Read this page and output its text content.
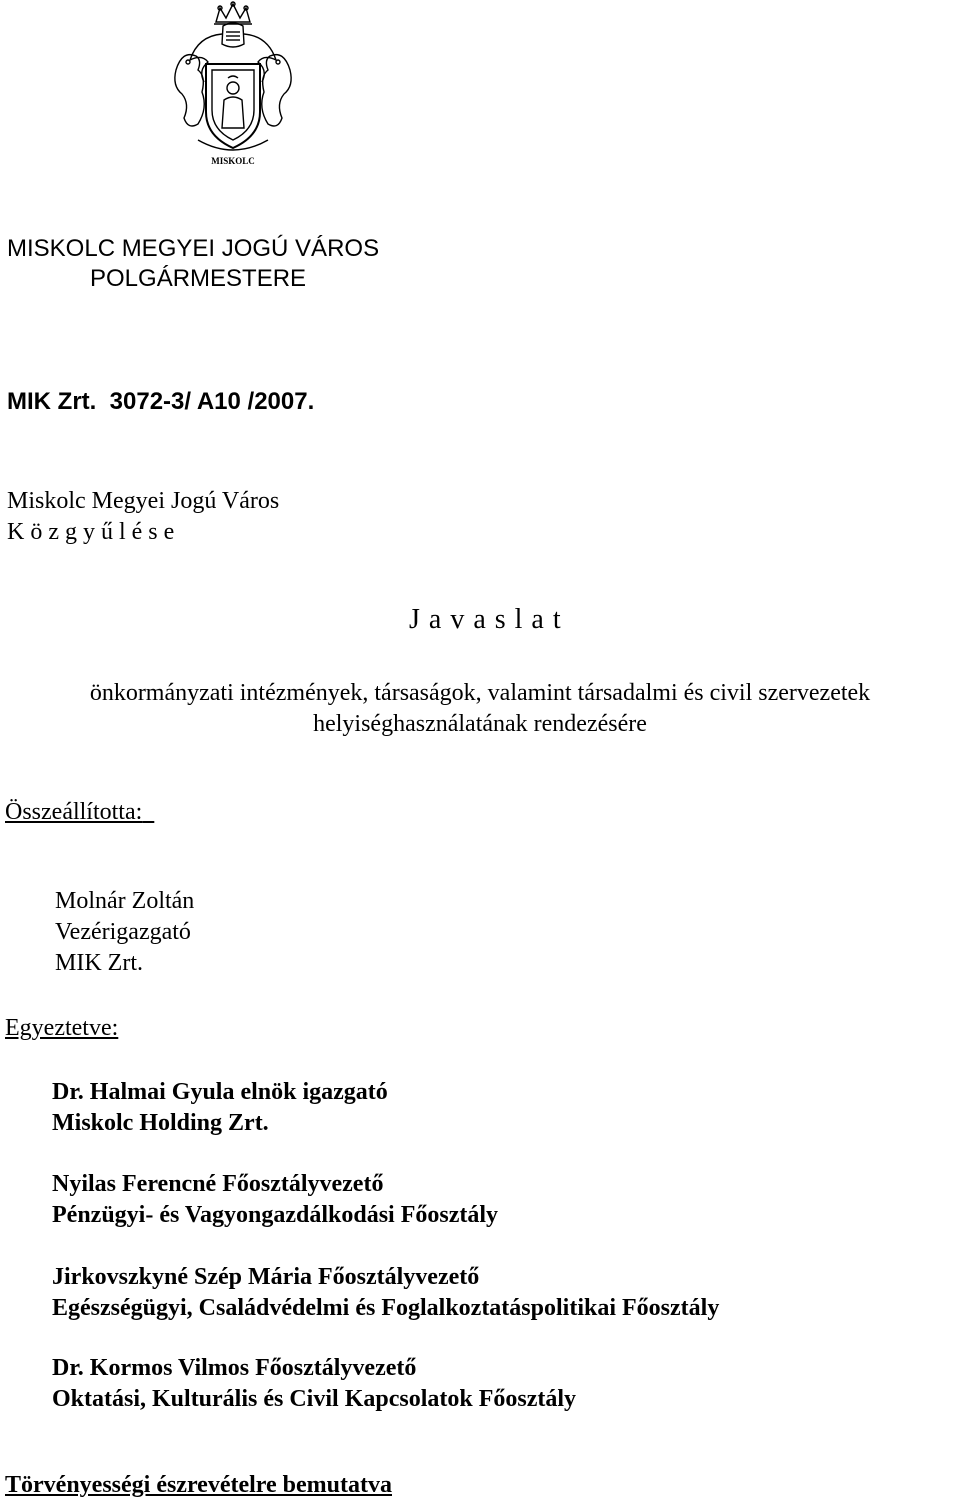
MISKOLC
MISKOLC MEGYEI JOGÚ VÁROS
POLGÁRMESTERE
MIK Zrt.  3072-3/ A10 /2007.
Miskolc Megyei Jogú Város
K ö z g y ű l é s e
J a v a s l a t
önkormányzati intézmények, társaságok, valamint társadalmi és civil szervezetek
helyiséghasználatának rendezésére
Összeállította:
Molnár Zoltán
Vezérigazgató
MIK Zrt.
Egyeztetve:
Dr. Halmai Gyula elnök igazgató
Miskolc Holding Zrt.
Nyilas Ferencné Főosztályvezető
Pénzügyi- és Vagyongazdálkodási Főosztály
Jirkovszkyné Szép Mária Főosztályvezető
Egészségügyi, Családvédelmi és Foglalkoztatáspolitikai Főosztály
Dr. Kormos Vilmos Főosztályvezető
Oktatási, Kulturális és Civil Kapcsolatok Főosztály
Törvényességi észrevételre bemutatva
